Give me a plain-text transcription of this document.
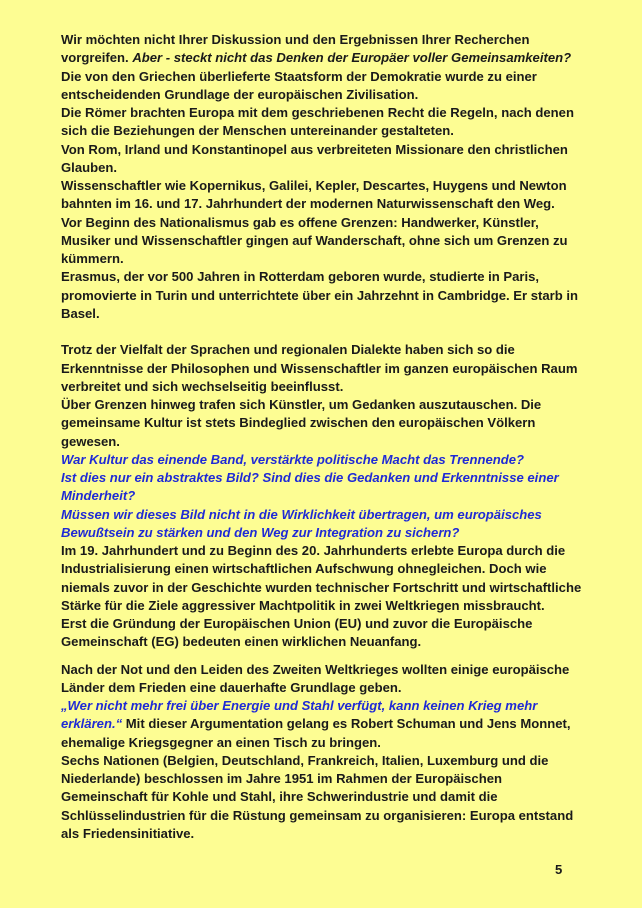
Wir möchten nicht Ihrer Diskussion und den Ergebnissen Ihrer Recherchen vorgreifen. Aber - steckt nicht das Denken der Europäer voller Gemeinsamkeiten?

Die von den Griechen überlieferte Staatsform der Demokratie wurde zu einer entscheidenden Grundlage der europäischen Zivilisation.

Die Römer brachten Europa mit dem geschriebenen Recht die Regeln, nach denen sich die Beziehungen der Menschen untereinander gestalteten.

Von Rom, Irland und Konstantinopel aus verbreiteten Missionare den christlichen Glauben.

Wissenschaftler wie Kopernikus, Galilei, Kepler, Descartes, Huygens und Newton bahnten im 16. und 17. Jahrhundert der modernen Naturwissenschaft den Weg.

Vor Beginn des Nationalismus gab es offene Grenzen: Handwerker, Künstler, Musiker und Wissenschaftler gingen auf Wanderschaft, ohne sich um Grenzen zu kümmern.

Erasmus, der vor 500 Jahren in Rotterdam geboren wurde, studierte in Paris, promovierte in Turin und unterrichtete über ein Jahrzehnt in Cambridge. Er starb in Basel.

Trotz der Vielfalt der Sprachen und regionalen Dialekte haben sich so die Erkenntnisse der Philosophen und Wissenschaftler im ganzen europäischen Raum verbreitet und sich wechselseitig beeinflusst.

Über Grenzen hinweg trafen sich Künstler, um Gedanken auszutauschen. Die gemeinsame Kultur ist stets Bindeglied zwischen den europäischen Völkern gewesen.

War Kultur das einende Band, verstärkte politische Macht das Trennende?

Ist dies nur ein abstraktes Bild? Sind dies die Gedanken und Erkenntnisse einer Minderheit?

Müssen wir dieses Bild nicht in die Wirklichkeit übertragen, um europäisches Bewußtsein zu stärken und den Weg zur Integration zu sichern?

Im 19. Jahrhundert und zu Beginn des 20. Jahrhunderts erlebte Europa durch die Industrialisierung einen wirtschaftlichen Aufschwung ohnegleichen. Doch wie niemals zuvor in der Geschichte wurden technischer Fortschritt und wirtschaftliche Stärke für die Ziele aggressiver Machtpolitik in zwei Weltkriegen missbraucht.

Erst die Gründung der Europäischen Union (EU) und zuvor die Europäische Gemeinschaft (EG) bedeuten einen wirklichen Neuanfang.

Nach der Not und den Leiden des Zweiten Weltkrieges wollten einige europäische Länder dem Frieden eine dauerhafte Grundlage geben.

„Wer nicht mehr frei über Energie und Stahl verfügt, kann keinen Krieg mehr erklären.“ Mit dieser Argumentation gelang es Robert Schuman und Jens Monnet, ehemalige Kriegsgegner an einen Tisch zu bringen.

Sechs Nationen (Belgien, Deutschland, Frankreich, Italien, Luxemburg und die Niederlande) beschlossen im Jahre 1951 im Rahmen der Europäischen Gemeinschaft für Kohle und Stahl, ihre Schwerindustrie und damit die Schlüsselindustrien für die Rüstung gemeinsam zu organisieren: Europa entstand als Friedensinitiative.

5
